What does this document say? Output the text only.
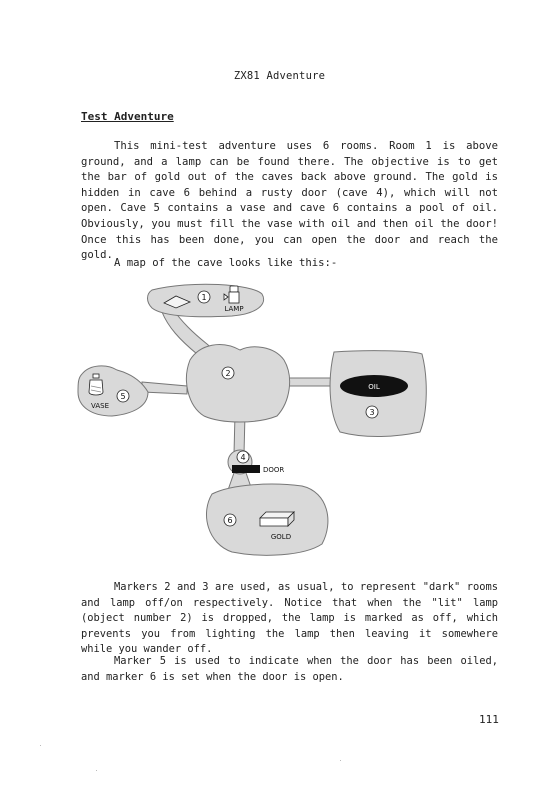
ZX81 Adventure
Test Adventure

This mini-test adventure uses 6 rooms. Room 1 is above ground, and a lamp can be found there. The objective is to get the bar of gold out of the caves back above ground. The gold is hidden in cave 6 behind a rusty door (cave 4), which will not open. Cave 5 contains a vase and cave 6 contains a pool of oil. Obviously, you must fill the vase with oil and then oil the door! Once this has been done, you can open the door and reach the gold.

A map of the cave looks like this:-

1
LAMP
2
OIL
3
4
DOOR
5
VASE
6
GOLD

Markers 2 and 3 are used, as usual, to represent "dark" rooms and lamp off/on respectively. Notice that when the "lit" lamp (object number 2) is dropped, the lamp is marked as off, which prevents you from lighting the lamp then leaving it somewhere while you wander off.

Marker 5 is used to indicate when the door has been oiled, and marker 6 is set when the door is open.

111
